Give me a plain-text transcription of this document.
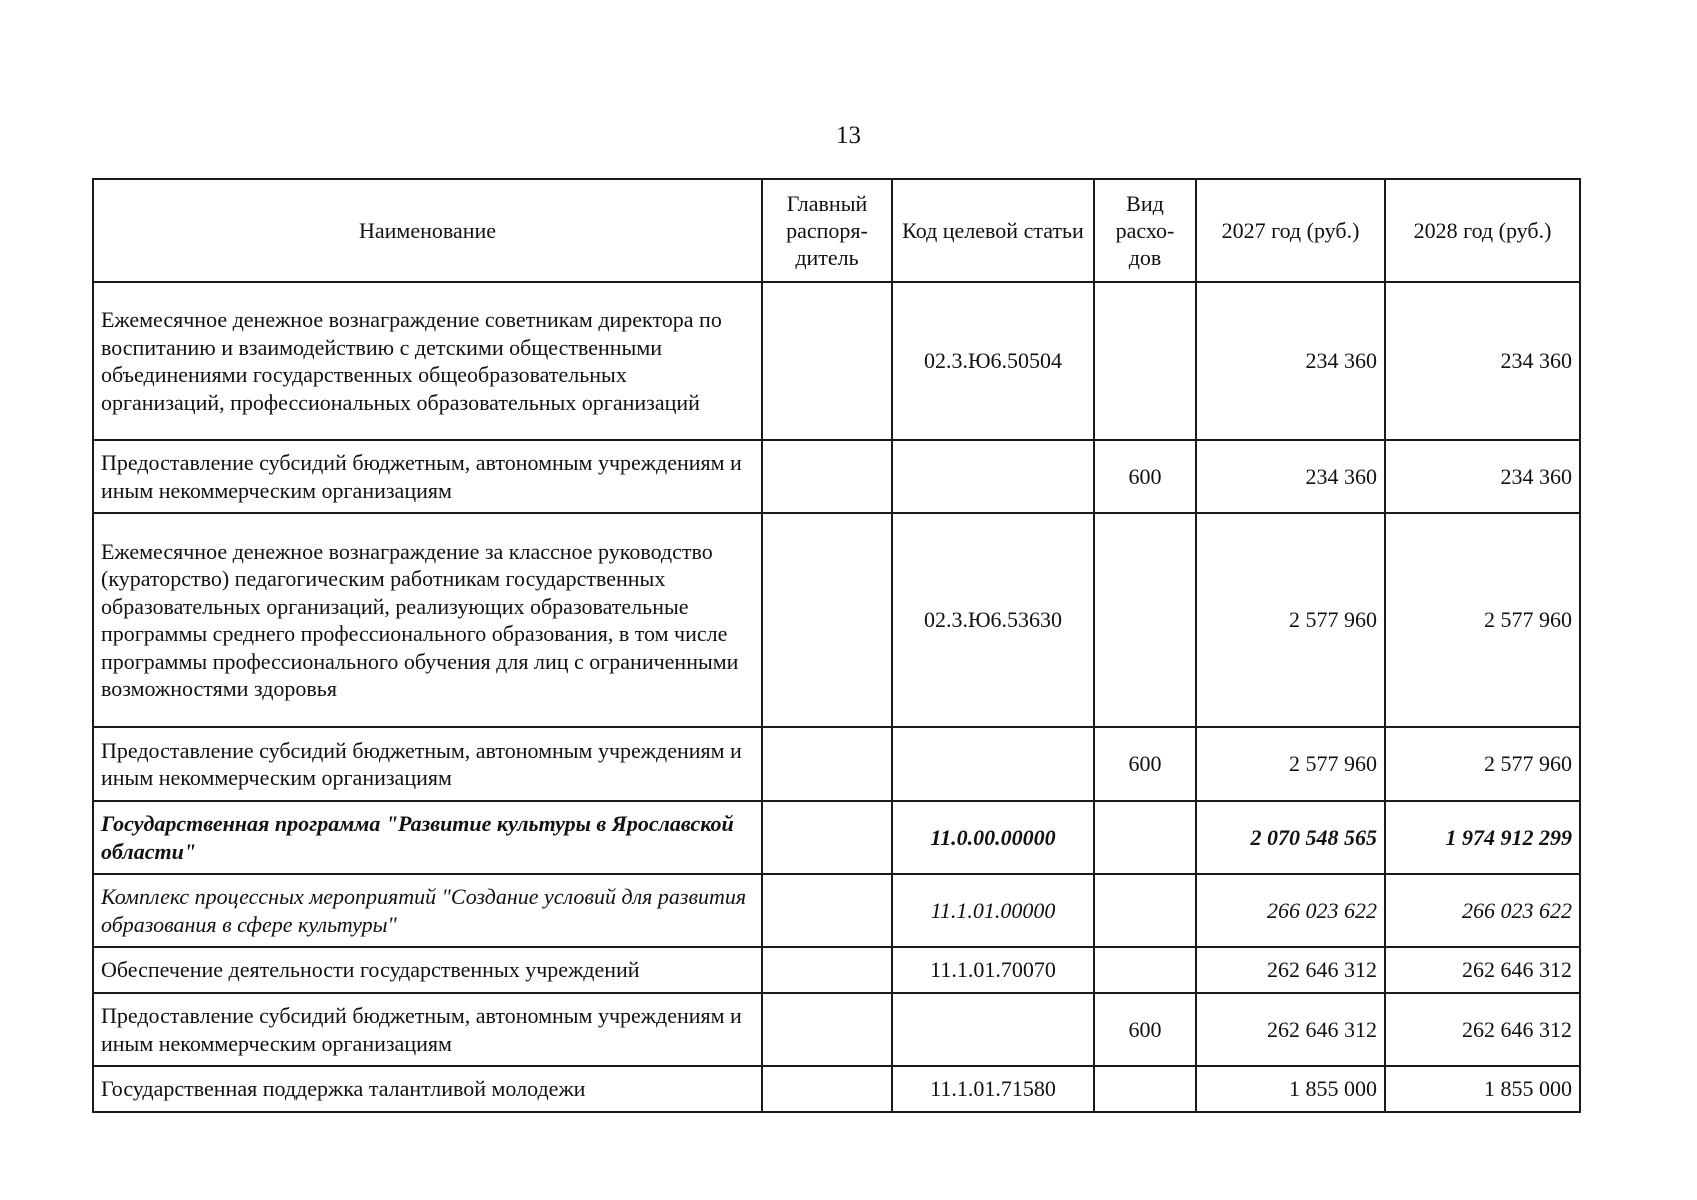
13
Наименование	Главный распоря-дитель	Код целевой статьи	Вид расхо-дов	2027 год (руб.)	2028 год (руб.)
Ежемесячное денежное вознаграждение советникам директора по воспитанию и взаимодействию с детскими общественными объединениями государственных общеобразовательных организаций, профессиональных образовательных организаций		02.3.Ю6.50504		234 360	234 360
Предоставление субсидий бюджетным, автономным учреждениям и иным некоммерческим организациям			600	234 360	234 360
Ежемесячное денежное вознаграждение за классное руководство (кураторство) педагогическим работникам государственных образовательных организаций, реализующих образовательные программы среднего профессионального образования, в том числе программы профессионального обучения для лиц с ограниченными возможностями здоровья		02.3.Ю6.53630		2 577 960	2 577 960
Предоставление субсидий бюджетным, автономным учреждениям и иным некоммерческим организациям			600	2 577 960	2 577 960
Государственная программа "Развитие культуры в Ярославской области"		11.0.00.00000		2 070 548 565	1 974 912 299
Комплекс процессных мероприятий "Создание условий для развития образования в сфере культуры"		11.1.01.00000		266 023 622	266 023 622
Обеспечение деятельности государственных учреждений		11.1.01.70070		262 646 312	262 646 312
Предоставление субсидий бюджетным, автономным учреждениям и иным некоммерческим организациям			600	262 646 312	262 646 312
Государственная поддержка талантливой молодежи		11.1.01.71580		1 855 000	1 855 000
